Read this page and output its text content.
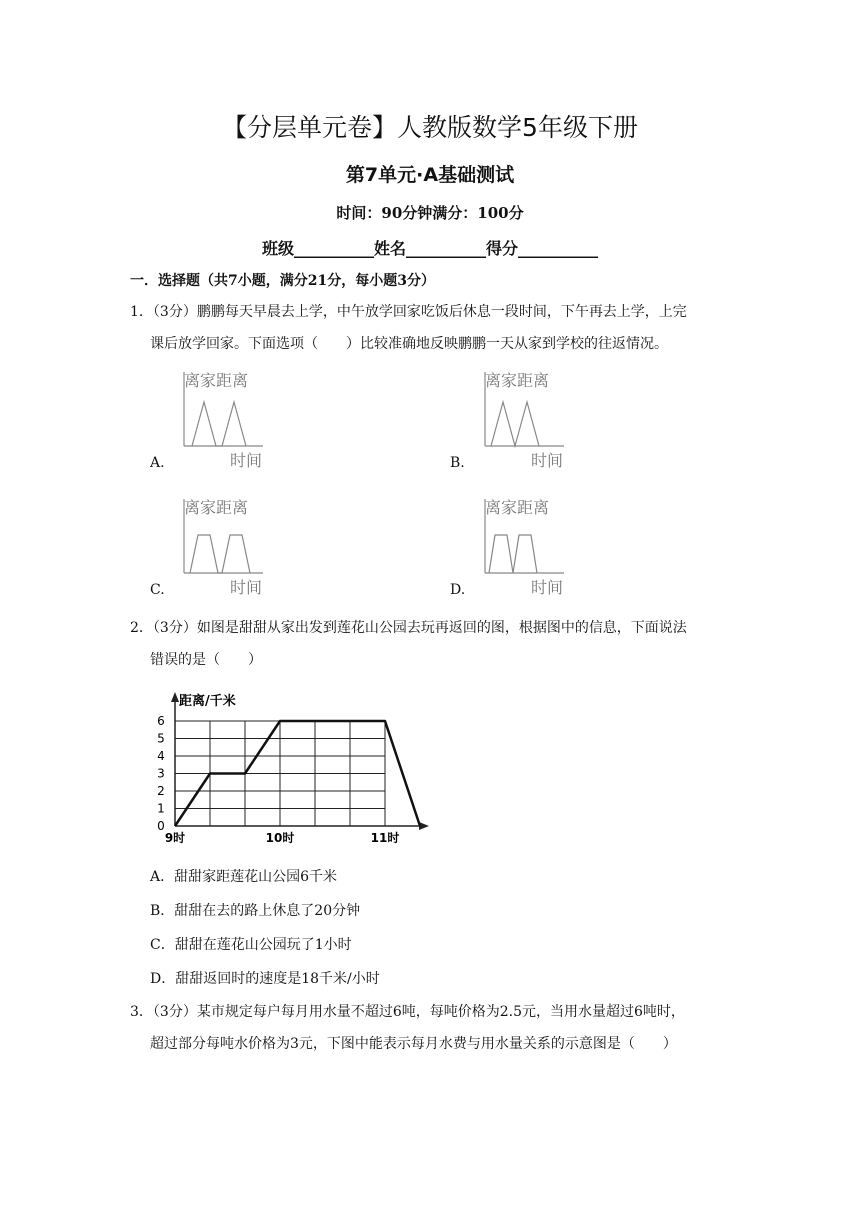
【分层单元卷】人教版数学5年级下册
第7单元·A基础测试
时间：90分钟满分：100分
班级__________姓名__________得分__________
一．选择题（共7小题，满分21分，每小题3分）
1．（3分）鹏鹏每天早晨去上学，中午放学回家吃饭后休息一段时间，下午再去上学，上完
课后放学回家。下面选项（　　）比较准确地反映鹏鹏一天从家到学校的往返情况。
A.
离家距离
时间	B.
离家距离
时间
C.
离家距离
时间	D.
离家距离
时间
2．（3分）如图是甜甜从家出发到莲花山公园去玩再返回的图，根据图中的信息，下面说法
错误的是（　　）
0
1
2
3
4
5
6
9时	10时	11时
距离/千米
A．甜甜家距莲花山公园6千米
B．甜甜在去的路上休息了20分钟
C．甜甜在莲花山公园玩了1小时
D．甜甜返回时的速度是18千米/小时
3．（3分）某市规定每户每月用水量不超过6吨，每吨价格为2.5元，当用水量超过6吨时，
超过部分每吨水价格为3元，下图中能表示每月水费与用水量关系的示意图是（　　）
